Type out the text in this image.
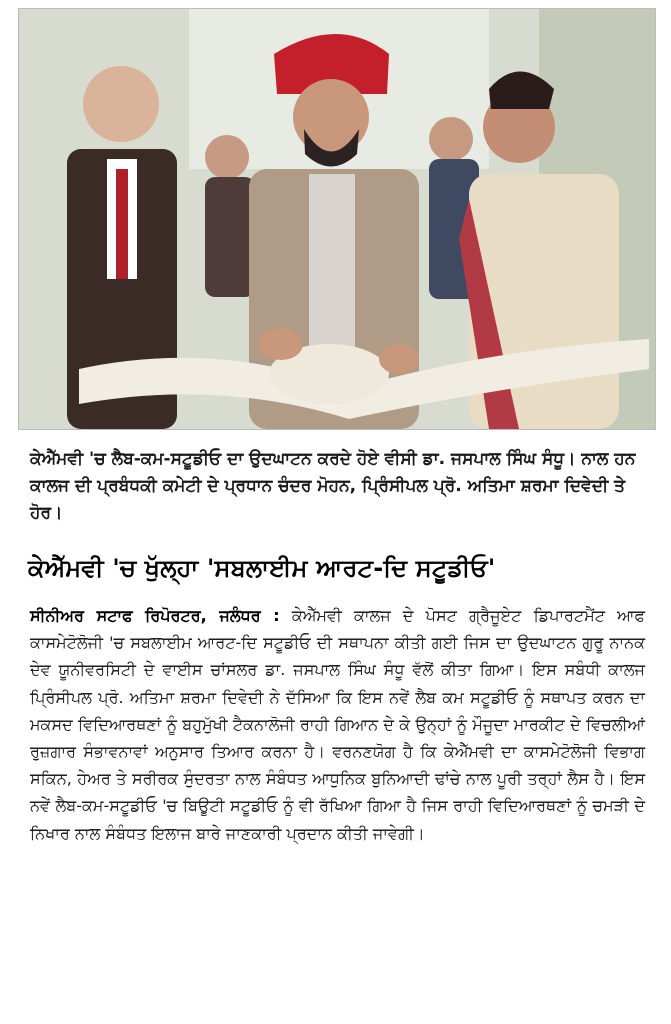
ਕੇਐੱਮਵੀ 'ਚ ਲੈਬ-ਕਮ-ਸਟੂਡੀਓ ਦਾ ਉਦਘਾਟਨ ਕਰਦੇ ਹੋਏ ਵੀਸੀ ਡਾ. ਜਸਪਾਲ ਸਿੰਘ ਸੰਧੂ। ਨਾਲ ਹਨ ਕਾਲਜ ਦੀ ਪ੍ਰਬੰਧਕੀ ਕਮੇਟੀ ਦੇ ਪ੍ਰਧਾਨ ਚੰਦਰ ਮੋਹਨ, ਪ੍ਰਿੰਸੀਪਲ ਪ੍ਰੋ. ਅਤਿਮਾ ਸ਼ਰਮਾ ਦਿਵੇਦੀ ਤੇ ਹੋਰ।

ਕੇਐੱਮਵੀ 'ਚ ਖੁੱਲ੍ਹਾ 'ਸਬਲਾਈਮ ਆਰਟ-ਦਿ ਸਟੂਡੀਓ'

ਸੀਨੀਅਰ ਸਟਾਫ ਰਿਪੋਰਟਰ, ਜਲੰਧਰ : ਕੇਐੱਮਵੀ ਕਾਲਜ ਦੇ ਪੋਸਟ ਗ੍ਰੈਜੂਏਟ ਡਿਪਾਰਟਮੈਂਟ ਆਫ ਕਾਸਮੇਟੋਲੋਜੀ 'ਚ ਸਬਲਾਈਮ ਆਰਟ-ਦਿ ਸਟੂਡੀਓ ਦੀ ਸਥਾਪਨਾ ਕੀਤੀ ਗਈ ਜਿਸ ਦਾ ਉਦਘਾਟਨ ਗੁਰੂ ਨਾਨਕ ਦੇਵ ਯੂਨੀਵਰਸਿਟੀ ਦੇ ਵਾਈਸ ਚਾਂਸਲਰ ਡਾ. ਜਸਪਾਲ ਸਿੰਘ ਸੰਧੂ ਵੱਲੋਂ ਕੀਤਾ ਗਿਆ। ਇਸ ਸਬੰਧੀ ਕਾਲਜ ਪ੍ਰਿੰਸੀਪਲ ਪ੍ਰੋ. ਅਤਿਮਾ ਸ਼ਰਮਾ ਦਿਵੇਦੀ ਨੇ ਦੱਸਿਆ ਕਿ ਇਸ ਨਵੇਂ ਲੈਬ ਕਮ ਸਟੂਡੀਓ ਨੂੰ ਸਥਾਪਤ ਕਰਨ ਦਾ ਮਕਸਦ ਵਿਦਿਆਰਥਣਾਂ ਨੂੰ ਬਹੁਮੁੱਖੀ ਟੈਕਨਾਲੋਜੀ ਰਾਹੀ ਗਿਆਨ ਦੇ ਕੇ ਉਨ੍ਹਾਂ ਨੂੰ ਮੌਜੂਦਾ ਮਾਰਕੀਟ ਦੇ ਵਿਚਲੀਆਂ ਰੁਜ਼ਗਾਰ ਸੰਭਾਵਨਾਵਾਂ ਅਨੁਸਾਰ ਤਿਆਰ ਕਰਨਾ ਹੈ। ਵਰਨਣਯੋਗ ਹੈ ਕਿ ਕੇਐੱਮਵੀ ਦਾ ਕਾਸਮੇਟੋਲੋਜੀ ਵਿਭਾਗ ਸਕਿਨ, ਹੇਅਰ ਤੇ ਸਰੀਰਕ ਸੁੰਦਰਤਾ ਨਾਲ ਸੰਬੰਧਤ ਆਧੁਨਿਕ ਬੁਨਿਆਦੀ ਢਾਂਚੇ ਨਾਲ ਪੂਰੀ ਤਰ੍ਹਾਂ ਲੈਸ ਹੈ। ਇਸ ਨਵੇਂ ਲੈਬ-ਕਮ-ਸਟੂਡੀਓ 'ਚ ਬਿਊਟੀ ਸਟੂਡੀਓ ਨੂੰ ਵੀ ਰੱਖਿਆ ਗਿਆ ਹੈ ਜਿਸ ਰਾਹੀ ਵਿਦਿਆਰਥਣਾਂ ਨੂੰ ਚਮੜੀ ਦੇ ਨਿਖਾਰ ਨਾਲ ਸੰਬੰਧਤ ਇਲਾਜ ਬਾਰੇ ਜਾਣਕਾਰੀ ਪ੍ਰਦਾਨ ਕੀਤੀ ਜਾਵੇਗੀ।
